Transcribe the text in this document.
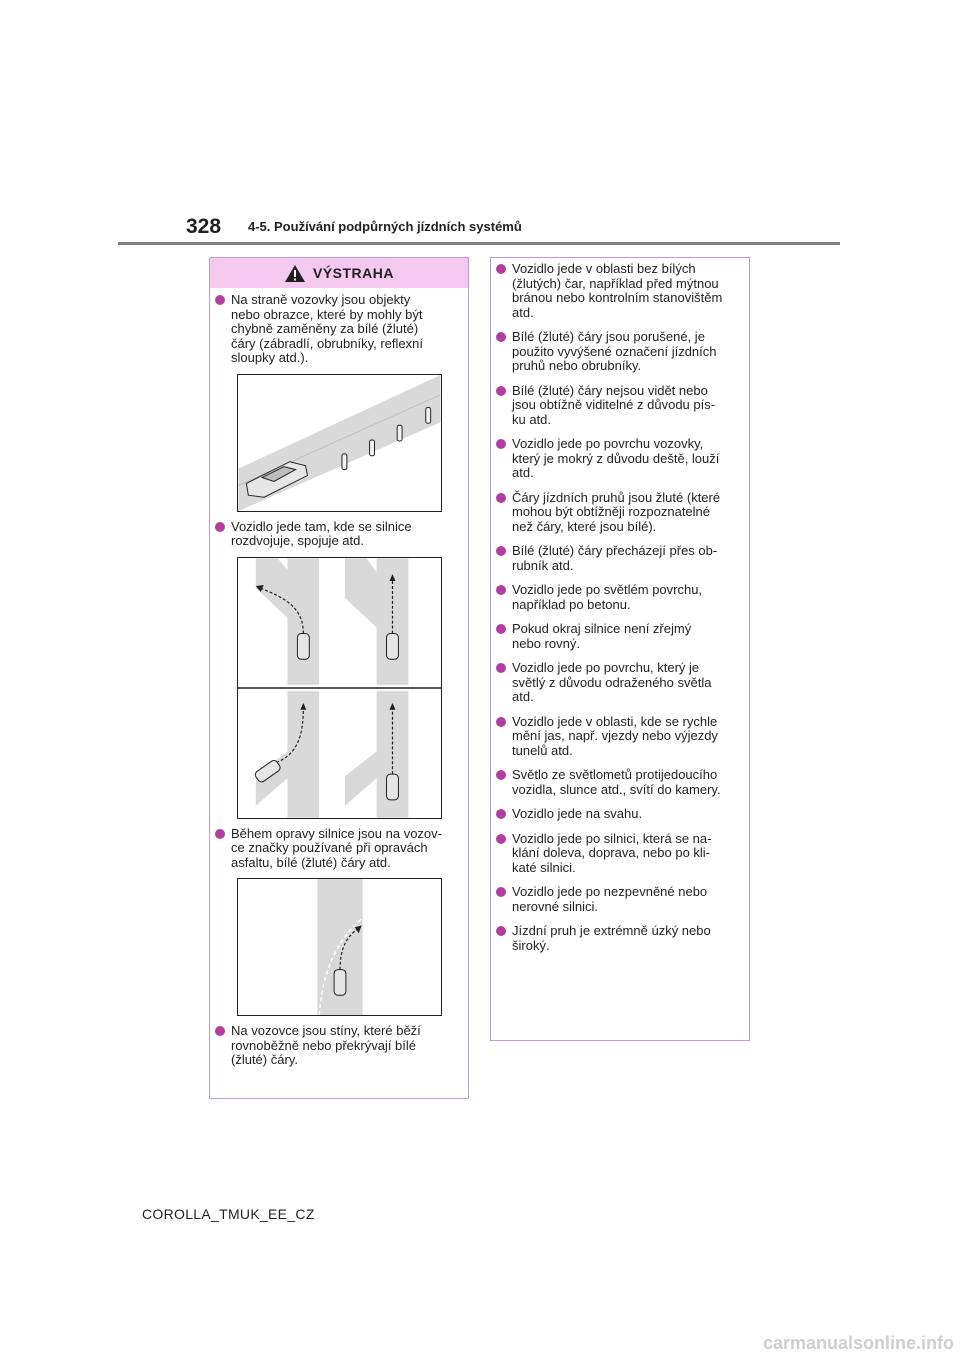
328 4-5. Používání podpůrných jízdních systémů
VÝSTRAHA
Na straně vozovky jsou objekty
nebo obrazce, které by mohly být
chybně zaměněny za bílé (žluté)
čáry (zábradlí, obrubníky, reflexní
sloupky atd.).
Vozidlo jede tam, kde se silnice
rozdvojuje, spojuje atd.
Během opravy silnice jsou na vozov-
ce značky používané při opravách
asfaltu, bílé (žluté) čáry atd.
Na vozovce jsou stíny, které běží
rovnoběžně nebo překrývají bílé
(žluté) čáry.
Vozidlo jede v oblasti bez bílých
(žlutých) čar, například před mýtnou
bránou nebo kontrolním stanovištěm
atd.
Bílé (žluté) čáry jsou porušené, je
použito vyvýšené označení jízdních
pruhů nebo obrubníky.
Bílé (žluté) čáry nejsou vidět nebo
jsou obtížně viditelné z důvodu pís-
ku atd.
Vozidlo jede po povrchu vozovky,
který je mokrý z důvodu deště, louží
atd.
Čáry jízdních pruhů jsou žluté (které
mohou být obtížněji rozpoznatelné
než čáry, které jsou bílé).
Bílé (žluté) čáry přecházejí přes ob-
rubník atd.
Vozidlo jede po světlém povrchu,
například po betonu.
Pokud okraj silnice není zřejmý
nebo rovný.
Vozidlo jede po povrchu, který je
světlý z důvodu odraženého světla
atd.
Vozidlo jede v oblasti, kde se rychle
mění jas, např. vjezdy nebo výjezdy
tunelů atd.
Světlo ze světlometů protijedoucího
vozidla, slunce atd., svítí do kamery.
Vozidlo jede na svahu.
Vozidlo jede po silnici, která se na-
klání doleva, doprava, nebo po kli-
katé silnici.
Vozidlo jede po nezpevněné nebo
nerovné silnici.
Jízdní pruh je extrémně úzký nebo
široký.
COROLLA_TMUK_EE_CZ
carmanualsonline.info
